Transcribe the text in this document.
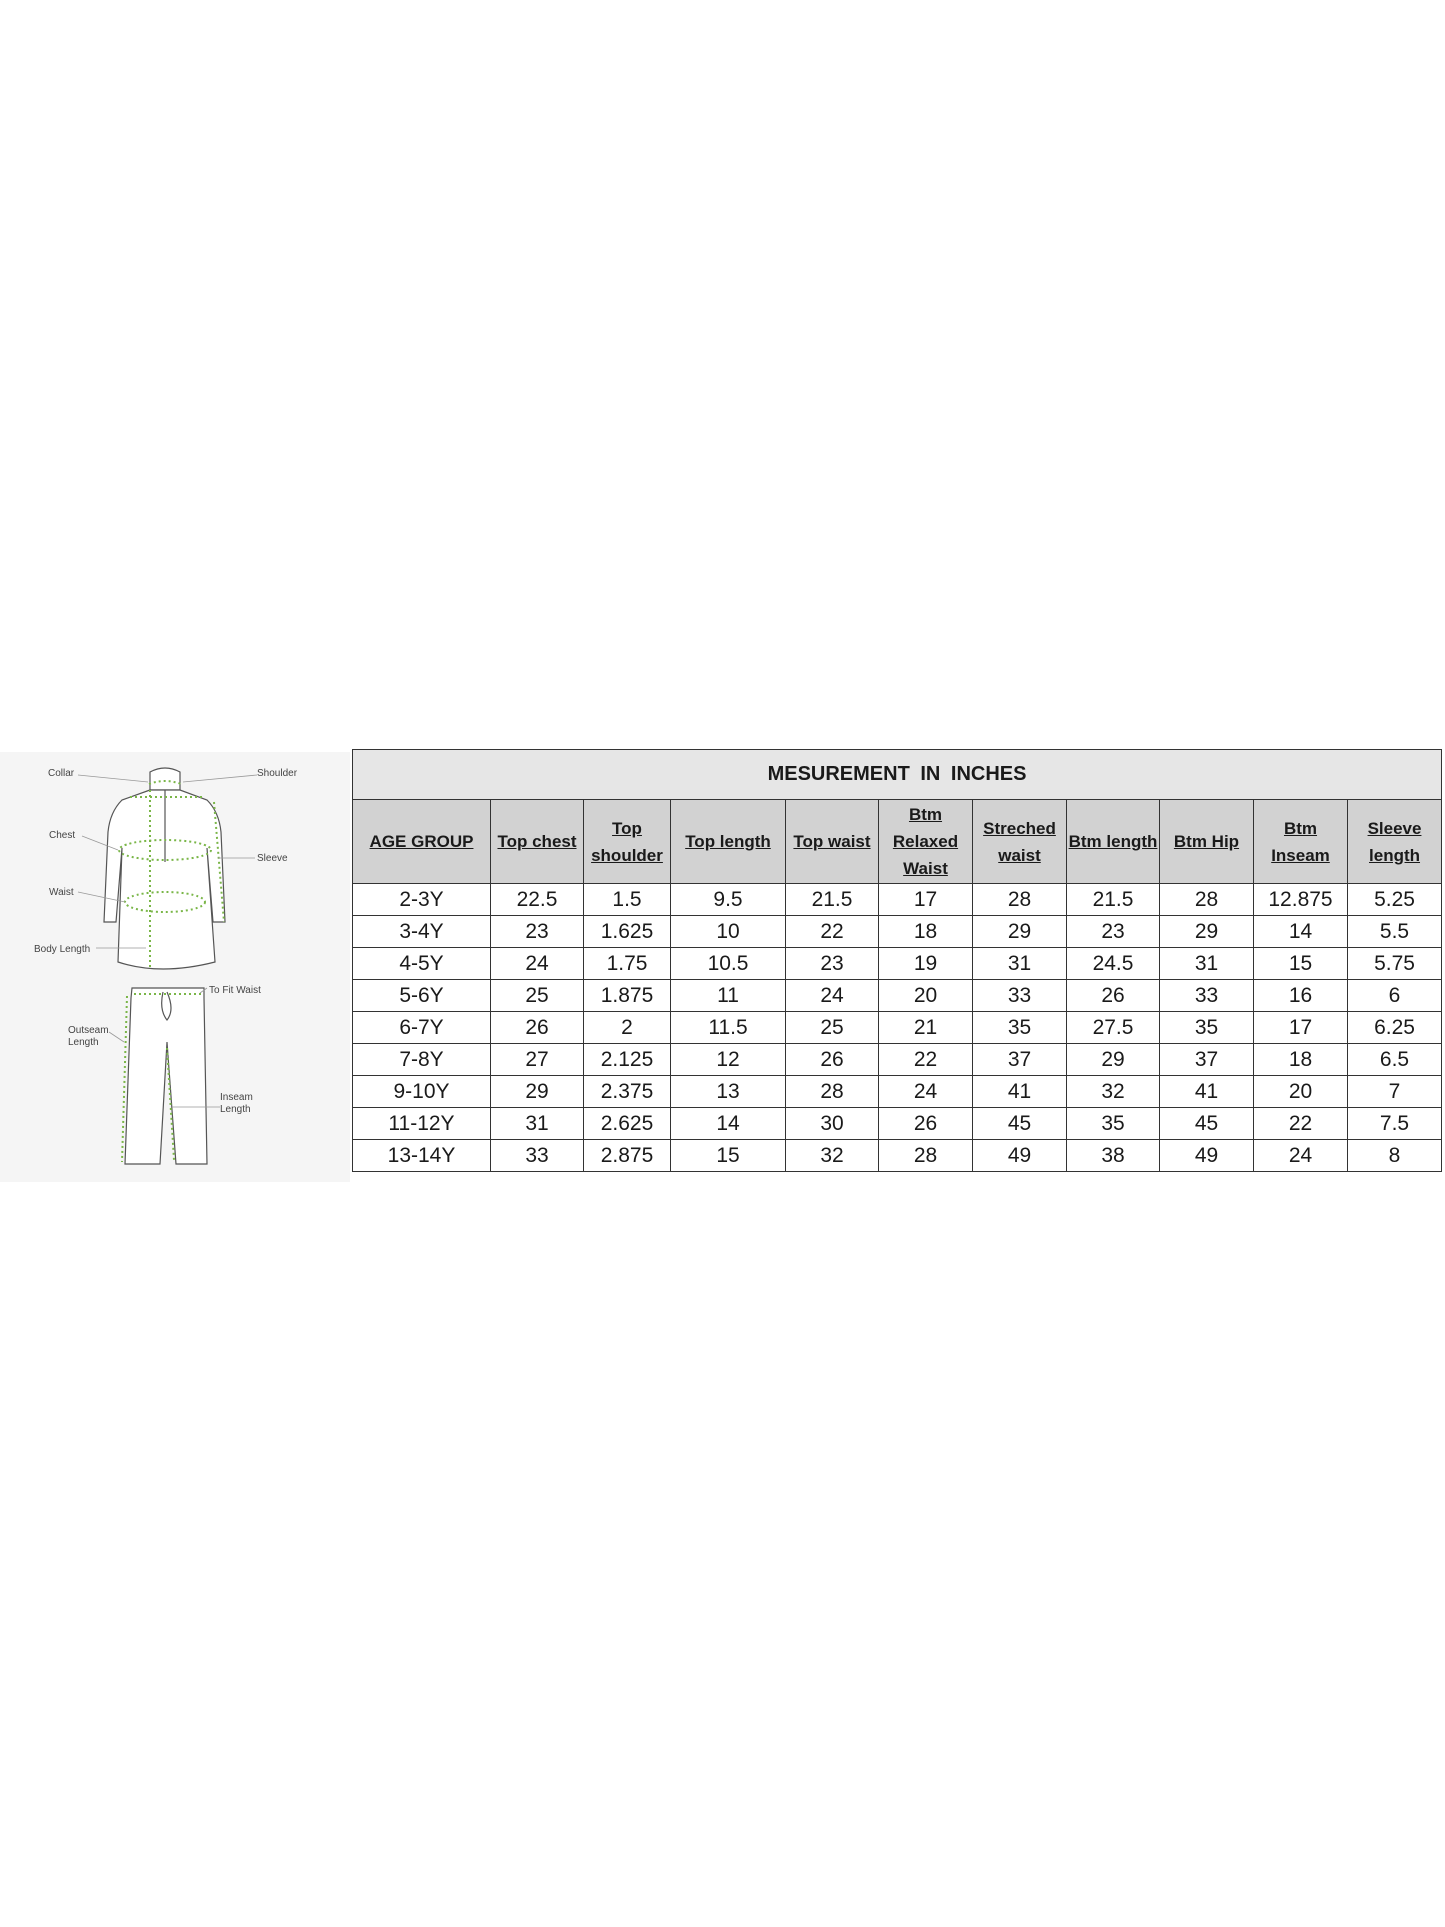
Collar	Shoulder
Chest
Sleeve
Waist
Body Length
To Fit Waist
Outseam
Length
Inseam
Length
MESUREMENT IN INCHES										
AGE GROUP	Top chest	Top shoulder	Top length	Top waist	Btm Relaxed Waist	Streched waist	Btm length	Btm Hip	Btm Inseam	Sleeve length
2-3Y	22.5	1.5	9.5	21.5	17	28	21.5	28	12.875	5.25
3-4Y	23	1.625	10	22	18	29	23	29	14	5.5
4-5Y	24	1.75	10.5	23	19	31	24.5	31	15	5.75
5-6Y	25	1.875	11	24	20	33	26	33	16	6
6-7Y	26	2	11.5	25	21	35	27.5	35	17	6.25
7-8Y	27	2.125	12	26	22	37	29	37	18	6.5
9-10Y	29	2.375	13	28	24	41	32	41	20	7
11-12Y	31	2.625	14	30	26	45	35	45	22	7.5
13-14Y	33	2.875	15	32	28	49	38	49	24	8
